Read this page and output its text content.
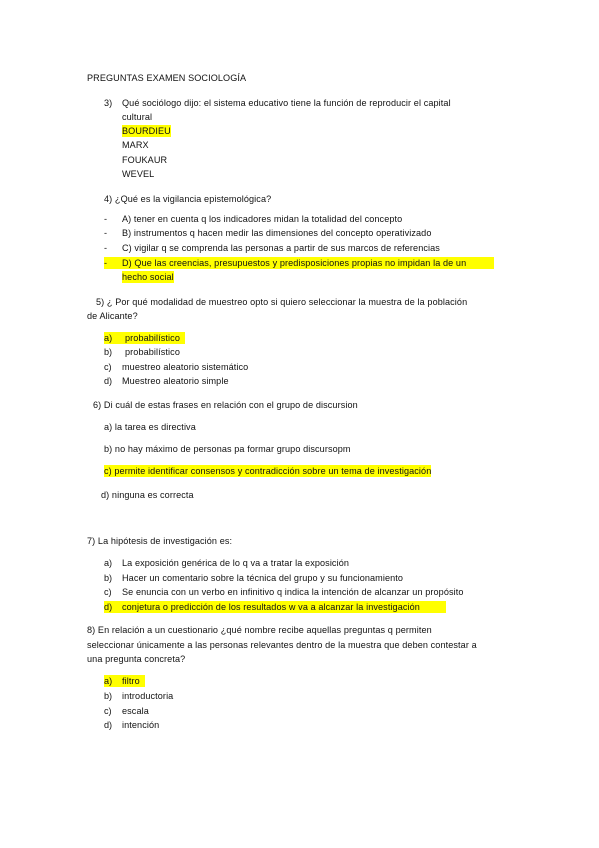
PREGUNTAS EXAMEN SOCIOLOGÍA
3) Qué sociólogo dijo: el sistema educativo tiene la función de reproducir el capital
cultural
BOURDIEU
MARX
FOUKAUR
WEVEL
4) ¿Qué es la vigilancia epistemológica?
- A) tener en cuenta q los indicadores midan la totalidad del concepto
- B) instrumentos q hacen medir las dimensiones del concepto operativizado
- C) vigilar q se comprenda las personas a partir de sus marcos de referencias
- D) Que las creencias, presupuestos y predisposiciones propias no impidan la de un

hecho social
5) ¿ Por qué modalidad de muestreo opto si quiero seleccionar la muestra de la población
de Alicante?
a) probabilístico

b) probabilístico
c) muestreo aleatorio sistemático
d) Muestreo aleatorio simple
6) Di cuál de estas frases en relación con el grupo de discursion
a) la tarea es directiva
b) no hay máximo de personas pa formar grupo discursopm
c) permite identificar consensos y contradicción sobre un tema de investigación
d) ninguna es correcta
7) La hipótesis de investigación es:
a) La exposición genérica de lo q va a tratar la exposición
b) Hacer un comentario sobre la técnica del grupo y su funcionamiento
c) Se enuncia con un verbo en infinitivo q indica la intención de alcanzar un propósito
d) conjetura o predicción de los resultados w va a alcanzar la investigación

8) En relación a un cuestionario ¿qué nombre recibe aquellas preguntas q permiten
seleccionar únicamente a las personas relevantes dentro de la muestra que deben contestar a
una pregunta concreta?
a) filtro

b) introductoria
c) escala
d) intención
